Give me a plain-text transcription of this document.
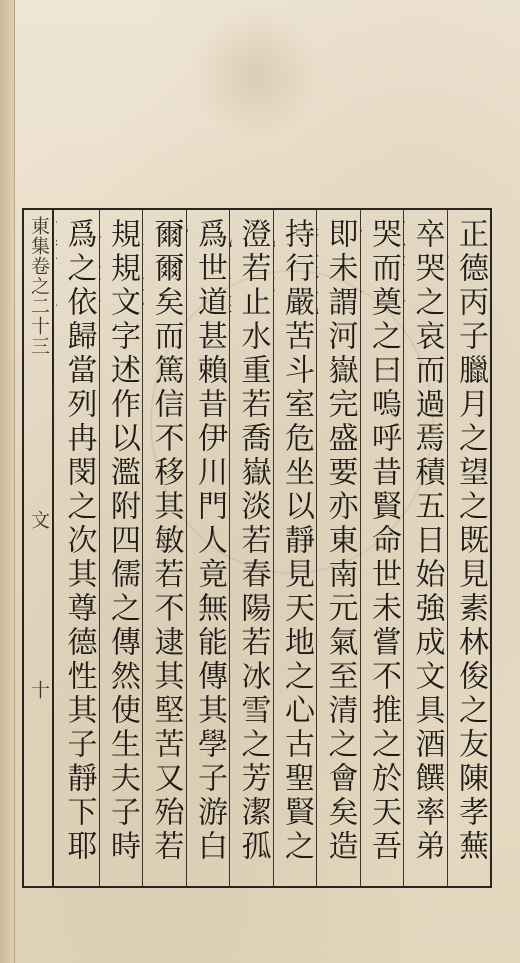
東集卷之二十三
文
十
正德丙子臘月之望之既見素林俊之友陳孝蕪
卒哭之哀而過焉積五日始強成文具酒饌率弟
哭而奠之曰嗚呼昔賢命世未嘗不推之於天吾
即未謂河嶽完盛要亦東南元氣至清之會矣造
持行嚴苦斗室危坐以靜見天地之心古聖賢之
澄若止水重若喬嶽淡若春陽若冰雪之芳潔孤
爲世道甚賴昔伊川門人竟無能傳其學子游白
爾爾矣而篤信不移其敏若不逮其堅苦又殆若
規規文字述作以濫附四儒之傳然使生夫子時
爲之依歸當列冉閔之次其尊德性其子靜下耶
